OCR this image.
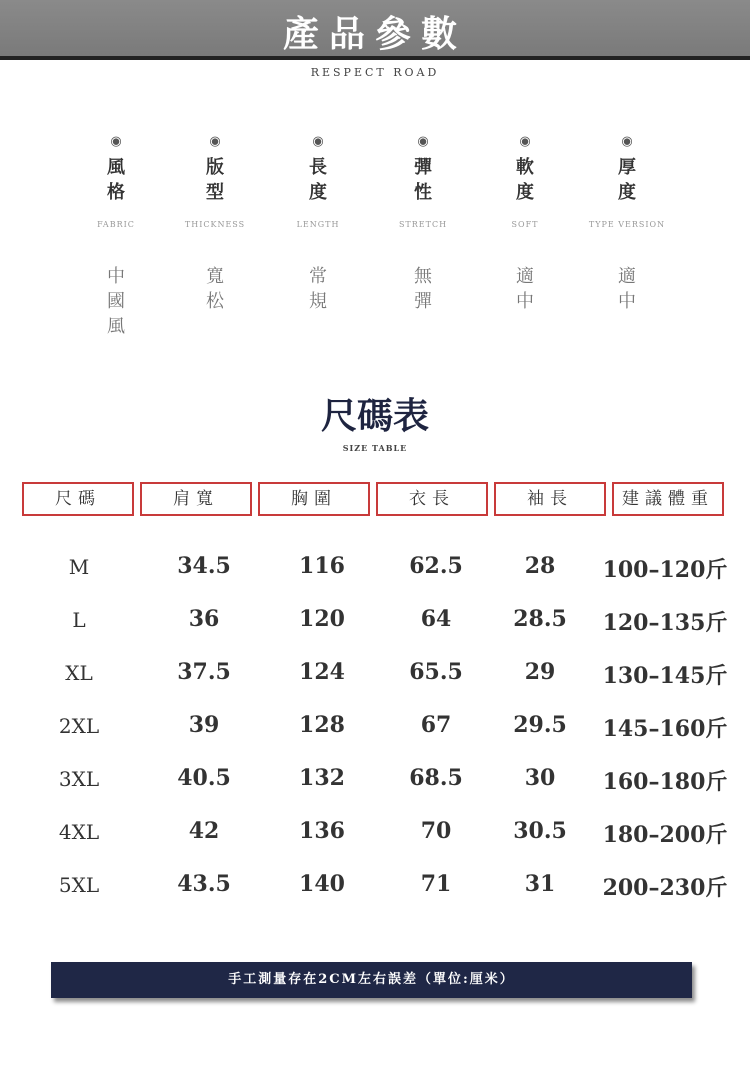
產品參數
RESPECT ROAD
◉
風
格
FABRIC
中
國
風
◉
版
型
THICKNESS
寬
松
◉
長
度
LENGTH
常
規
◉
彈
性
STRETCH
無
彈
◉
軟
度
SOFT
適
中
◉
厚
度
TYPE VERSION
適
中
尺碼表
SIZE TABLE
尺碼	肩寬	胸圍	衣長	袖長	建議體重
M	34.5	116	62.5	28	100–120斤
L	36	120	64	28.5	120–135斤
XL	37.5	124	65.5	29	130–145斤
2XL	39	128	67	29.5	145–160斤
3XL	40.5	132	68.5	30	160–180斤
4XL	42	136	70	30.5	180–200斤
5XL	43.5	140	71	31	200–230斤
手工測量存在2CM左右誤差（單位:厘米）
